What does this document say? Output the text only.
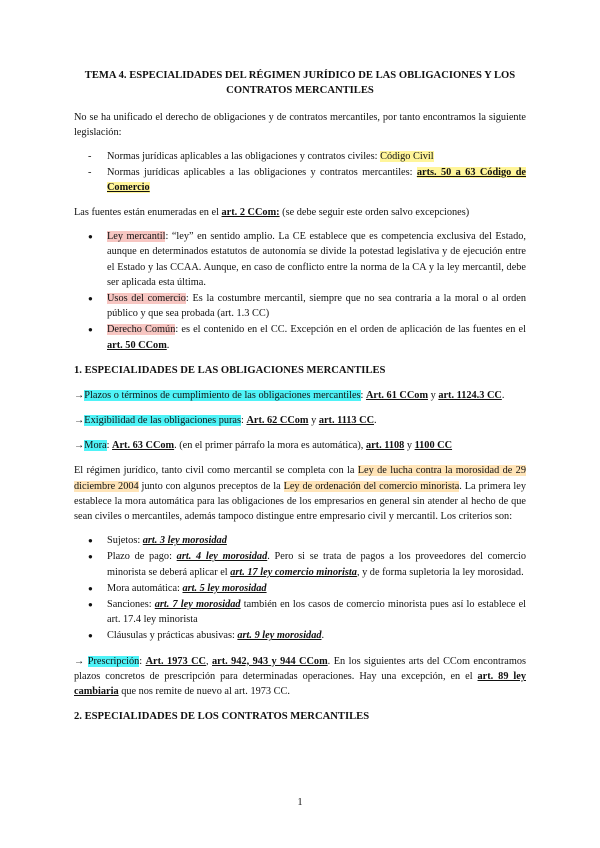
TEMA 4. ESPECIALIDADES DEL RÉGIMEN JURÍDICO DE LAS OBLIGACIONES Y LOS CONTRATOS MERCANTILES

No se ha unificado el derecho de obligaciones y de contratos mercantiles, por tanto encontramos la siguiente legislación:

- Normas jurídicas aplicables a las obligaciones y contratos civiles: Código Civil
- Normas jurídicas aplicables a las obligaciones y contratos mercantiles: arts. 50 a 63 Código de Comercio

Las fuentes están enumeradas en el art. 2 CCom: (se debe seguir este orden salvo excepciones)

● Ley mercantil: “ley” en sentido amplio. La CE establece que es competencia exclusiva del Estado, aunque en determinados estatutos de autonomía se divide la potestad legislativa y de ejecución entre el Estado y las CCAA. Aunque, en caso de conflicto entre la norma de la CA y la ley mercantil, debe ser aplicada esta última.
● Usos del comercio: Es la costumbre mercantil, siempre que no sea contraria a la moral o al orden público y que sea probada (art. 1.3 CC)
● Derecho Común: es el contenido en el CC. Excepción en el orden de aplicación de las fuentes en el art. 50 CCom.
1. ESPECIALIDADES DE LAS OBLIGACIONES MERCANTILES

→Plazos o términos de cumplimiento de las obligaciones mercantiles: Art. 61 CCom y art. 1124.3 CC.

→Exigibilidad de las obligaciones puras: Art. 62 CCom y art. 1113 CC.

→Mora: Art. 63 CCom. (en el primer párrafo la mora es automática), art. 1108 y 1100 CC

El régimen jurídico, tanto civil como mercantil se completa con la Ley de lucha contra la morosidad de 29 diciembre 2004 junto con algunos preceptos de la Ley de ordenación del comercio minorista. La primera ley establece la mora automática para las obligaciones de los empresarios en general sin atender al hecho de que sean civiles o mercantiles, además tampoco distingue entre empresario civil y mercantil. Los criterios son:

● Sujetos: art. 3 ley morosidad
● Plazo de pago: art. 4 ley morosidad. Pero si se trata de pagos a los proveedores del comercio minorista se deberá aplicar el art. 17 ley comercio minorista, y de forma supletoria la ley morosidad.
● Mora automática: art. 5 ley morosidad
● Sanciones: art. 7 ley morosidad también en los casos de comercio minorista pues así lo establece el art. 17.4 ley minorista
● Cláusulas y prácticas abusivas: art. 9 ley morosidad.

→ Prescripción: Art. 1973 CC, art. 942, 943 y 944 CCom. En los siguientes arts del CCom encontramos plazos concretos de prescripción para determinadas operaciones. Hay una excepción, en el art. 89 ley cambiaria que nos remite de nuevo al art. 1973 CC.

2. ESPECIALIDADES DE LOS CONTRATOS MERCANTILES
1
